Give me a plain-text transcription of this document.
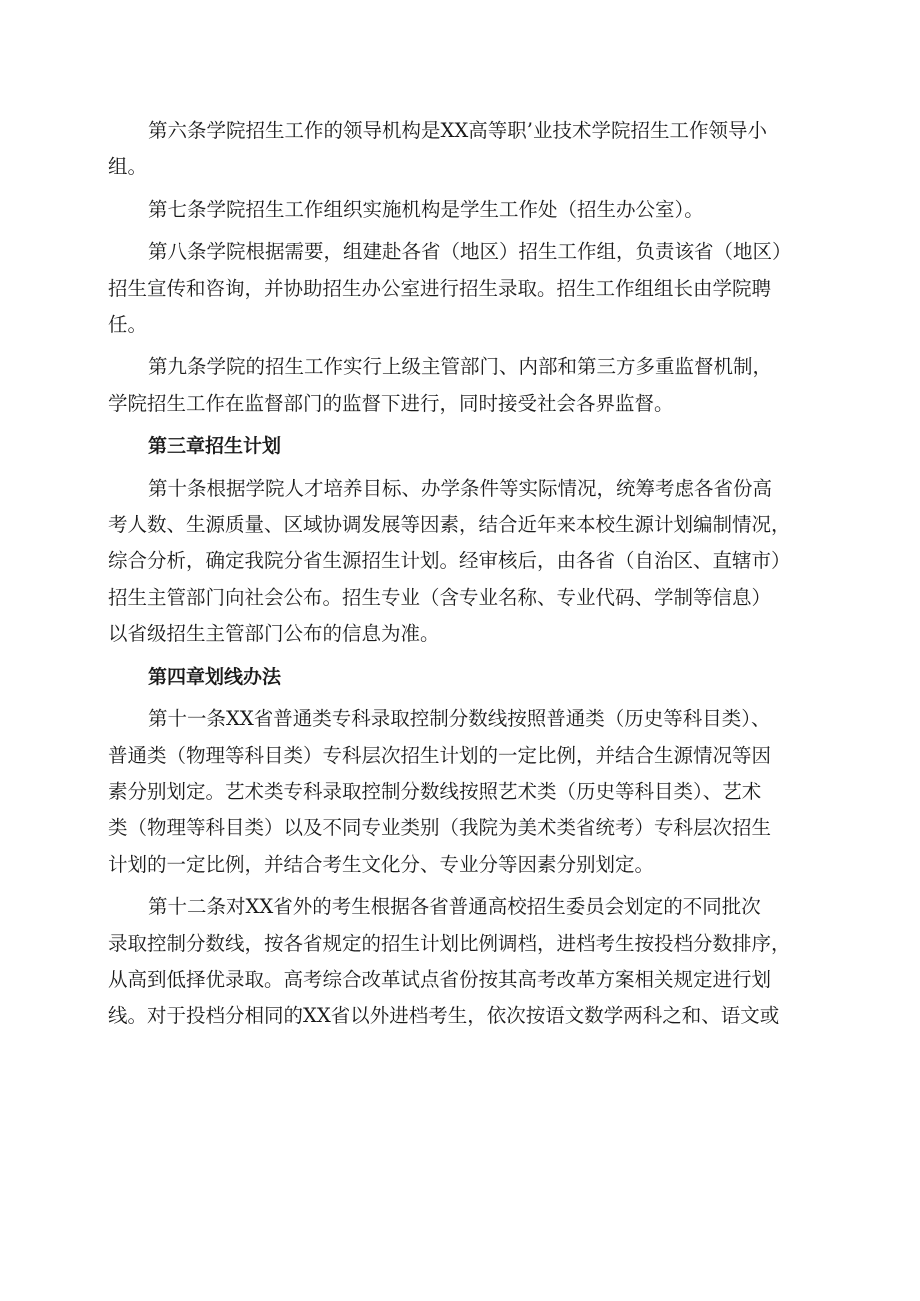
第六条学院招生工作的领导机构是XX高等职’业技术学院招生工作领导小
组。
第七条学院招生工作组织实施机构是学生工作处（招生办公室）。
第八条学院根据需要，组建赴各省（地区）招生工作组，负责该省（地区）
招生宣传和咨询，并协助招生办公室进行招生录取。招生工作组组长由学院聘
任。
第九条学院的招生工作实行上级主管部门、内部和第三方多重监督机制，
学院招生工作在监督部门的监督下进行，同时接受社会各界监督。
第三章招生计划
第十条根据学院人才培养目标、办学条件等实际情况，统筹考虑各省份高
考人数、生源质量、区域协调发展等因素，结合近年来本校生源计划编制情况，
综合分析，确定我院分省生源招生计划。经审核后，由各省（自治区、直辖市）
招生主管部门向社会公布。招生专业（含专业名称、专业代码、学制等信息）
以省级招生主管部门公布的信息为准。
第四章划线办法
第十一条XX省普通类专科录取控制分数线按照普通类（历史等科目类）、
普通类（物理等科目类）专科层次招生计划的一定比例，并结合生源情况等因
素分别划定。艺术类专科录取控制分数线按照艺术类（历史等科目类）、艺术
类（物理等科目类）以及不同专业类别（我院为美术类省统考）专科层次招生
计划的一定比例，并结合考生文化分、专业分等因素分别划定。
第十二条对XX省外的考生根据各省普通高校招生委员会划定的不同批次
录取控制分数线，按各省规定的招生计划比例调档，进档考生按投档分数排序，
从高到低择优录取。高考综合改革试点省份按其高考改革方案相关规定进行划
线。对于投档分相同的XX省以外进档考生，依次按语文数学两科之和、语文或
